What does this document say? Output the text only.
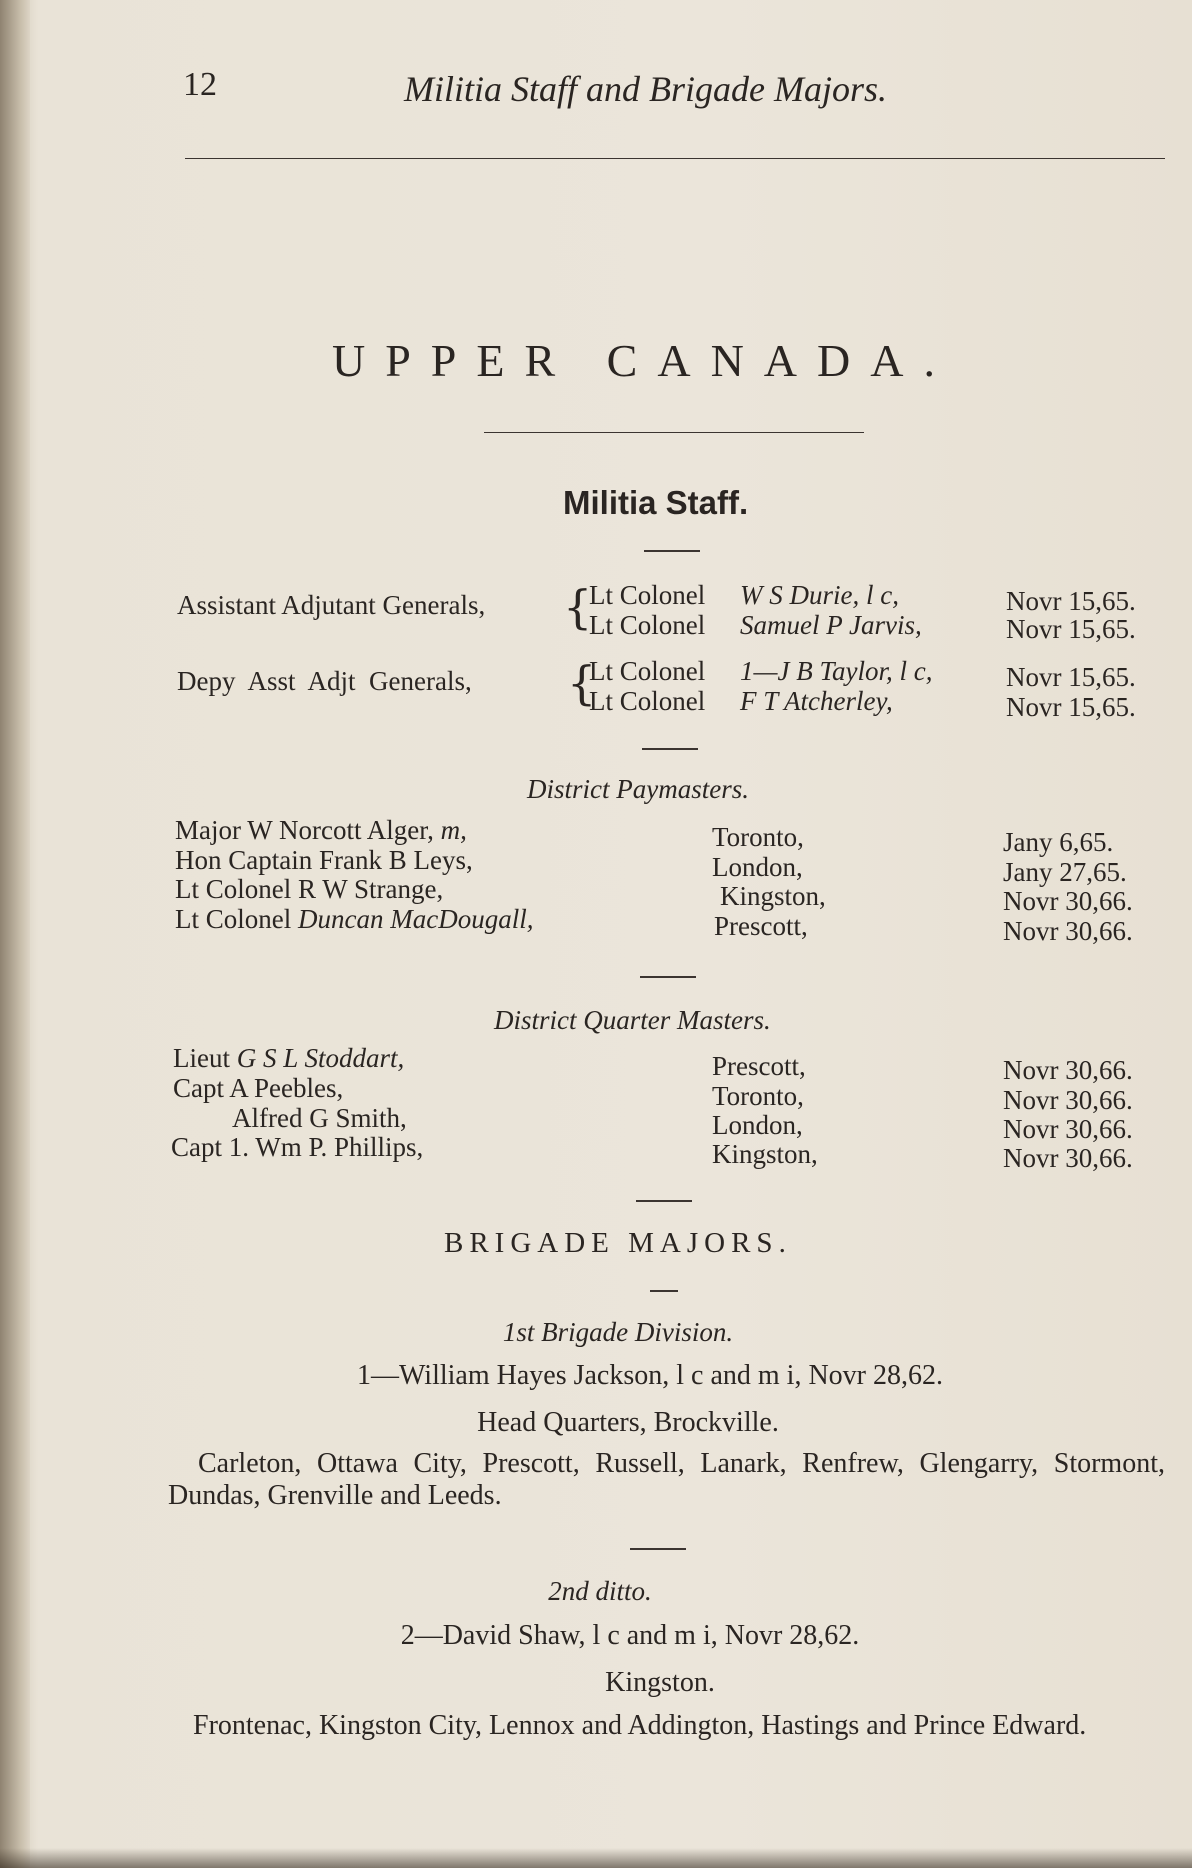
12	Militia Staff and Brigade Majors.
UPPER CANADA.
Militia Staff.
Assistant Adjutant Generals, {
Lt Colonel W S Durie, l c,	Novr 15,65.
Lt Colonel Samuel P Jarvis,	Novr 15,65.
Depy  Asst  Adjt  Generals, {
Lt Colonel 1—J B Taylor, l c,	Novr 15,65.
Lt Colonel F T Atcherley,	Novr 15,65.
District Paymasters.
Major W Norcott Alger, m,	Toronto,	Jany 6,65.
Hon Captain Frank B Leys,	London,	Jany 27,65.
Lt Colonel R W Strange,	Kingston,	Novr 30,66.
Lt Colonel Duncan MacDougall,	Prescott,	Novr 30,66.
District Quarter Masters.
Lieut G S L Stoddart,	Prescott,	Novr 30,66.
Capt A Peebles,	Toronto,	Novr 30,66.
Alfred G Smith,	London,	Novr 30,66.
Capt 1. Wm P. Phillips,	Kingston,	Novr 30,66.
BRIGADE MAJORS.
1st Brigade Division.
1—William Hayes Jackson, l c and m i, Novr 28,62.
Head Quarters, Brockville.
Carleton, Ottawa City, Prescott, Russell, Lanark, Renfrew, Glengarry, Stormont, Dundas, Grenville and Leeds.
2nd ditto.
2—David Shaw, l c and m i, Novr 28,62.
Kingston.
Frontenac, Kingston City, Lennox and Addington, Hastings and Prince Edward.
